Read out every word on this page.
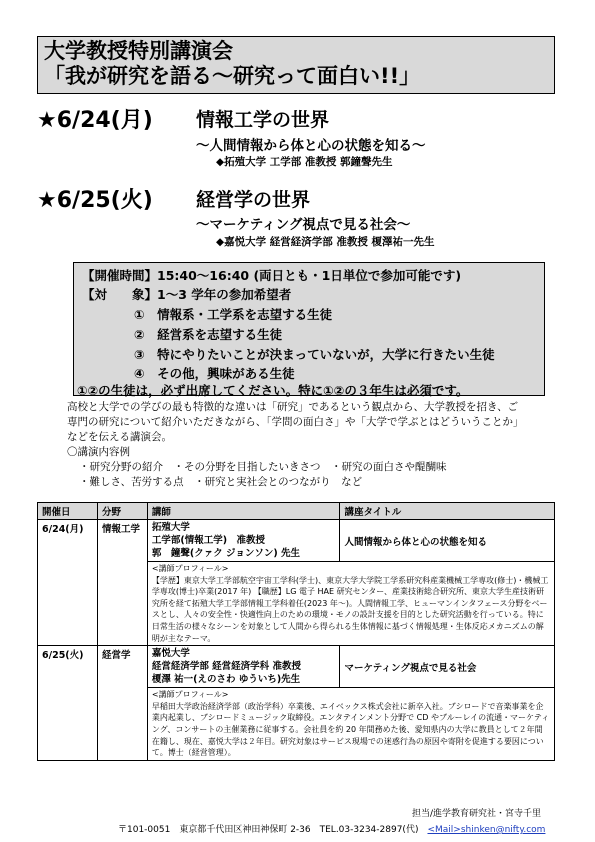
大学教授特別講演会
「我が研究を語る〜研究って面白い!!」
★6/24(月) 情報工学の世界
〜人間情報から体と心の状態を知る〜
◆拓殖大学 工学部 准教授 郭鐘聲先生
★6/25(火) 経営学の世界
〜マーケティング視点で見る社会〜
◆嘉悦大学 経営経済学部 准教授 榎澤祐一先生
【開催時間】15:40〜16:40 (両日とも・1日単位で参加可能です)
【対　　象】1〜3 学年の参加希望者
①　 情報系・工学系を志望する生徒
②　 経営系を志望する生徒
③　 特にやりたいことが決まっていないが，大学に行きたい生徒
④　 その他，興味がある生徒
①②の生徒は，必ず出席してください。特に①②の３年生は必須です。
高校と大学での学びの最も特徴的な違いは「研究」であるという観点から、大学教授を招き、ご
専門の研究について紹介いただきながら、「学問の面白さ」や「大学で学ぶとはどういうことか」
などを伝える講演会。
〇講演内容例
・研究分野の紹介　・その分野を目指したいきさつ　・研究の面白さや醍醐味
・難しさ、苦労する点　・研究と実社会とのつながり　など
開催日	分野	講師	講座タイトル
6/24(月)	情報工学	拓殖大学
工学部(情報工学)　准教授
郭　鐘聲(クァク ジョンソン) 先生	人間情報から体と心の状態を知る

		<講師プロフィール>
【学歴】東京大学工学部航空宇宙工学科(学士)、東京大学大学院工学系研究科産業機械工学専攻(修士)・機械工学専攻(博士)卒業(2017 年) 【職歴】LG 電子 HAE 研究センター、産業技術総合研究所、東京大学生産技術研究所を経て拓殖大学工学部情報工学科着任(2023 年〜)。人間情報工学、ヒューマンインタフェース分野をベースとし、人々の安全性・快適性向上のための環境・モノの設計支援を目的とした研究活動を行っている。特に日常生活の様々なシーンを対象として人間から得られる生体情報に基づく情報処理・生体反応メカニズムの解明が主なテーマ。	

6/25(火)	経営学	嘉悦大学
経営経済学部 経営経済学科 准教授
榎澤 祐一(えのさわ ゆういち)先生	マーケティング視点で見る社会

		<講師プロフィール>
早稲田大学政治経済学部（政治学科）卒業後、エイベックス株式会社に新卒入社。ブシロードで音楽事業を企業内起業し、ブシロードミュージック取締役。エンタテインメント分野で CD やブルーレイの流通・マーケティング、コンサートの主催業務に従事する。会社員を約 20 年間務めた後、愛知県内の大学に教員として２年間在籍し、現在、嘉悦大学は２年目。研究対象はサービス現場での迷惑行為の原因や寄附を促進する要因について。博士（経営管理）。	
担当/進学教育研究社・宮寺千里
〒101-0051　東京都千代田区神田神保町 2-36　TEL.03-3234-2897(代)　 <Mail>shinken@nifty.com
